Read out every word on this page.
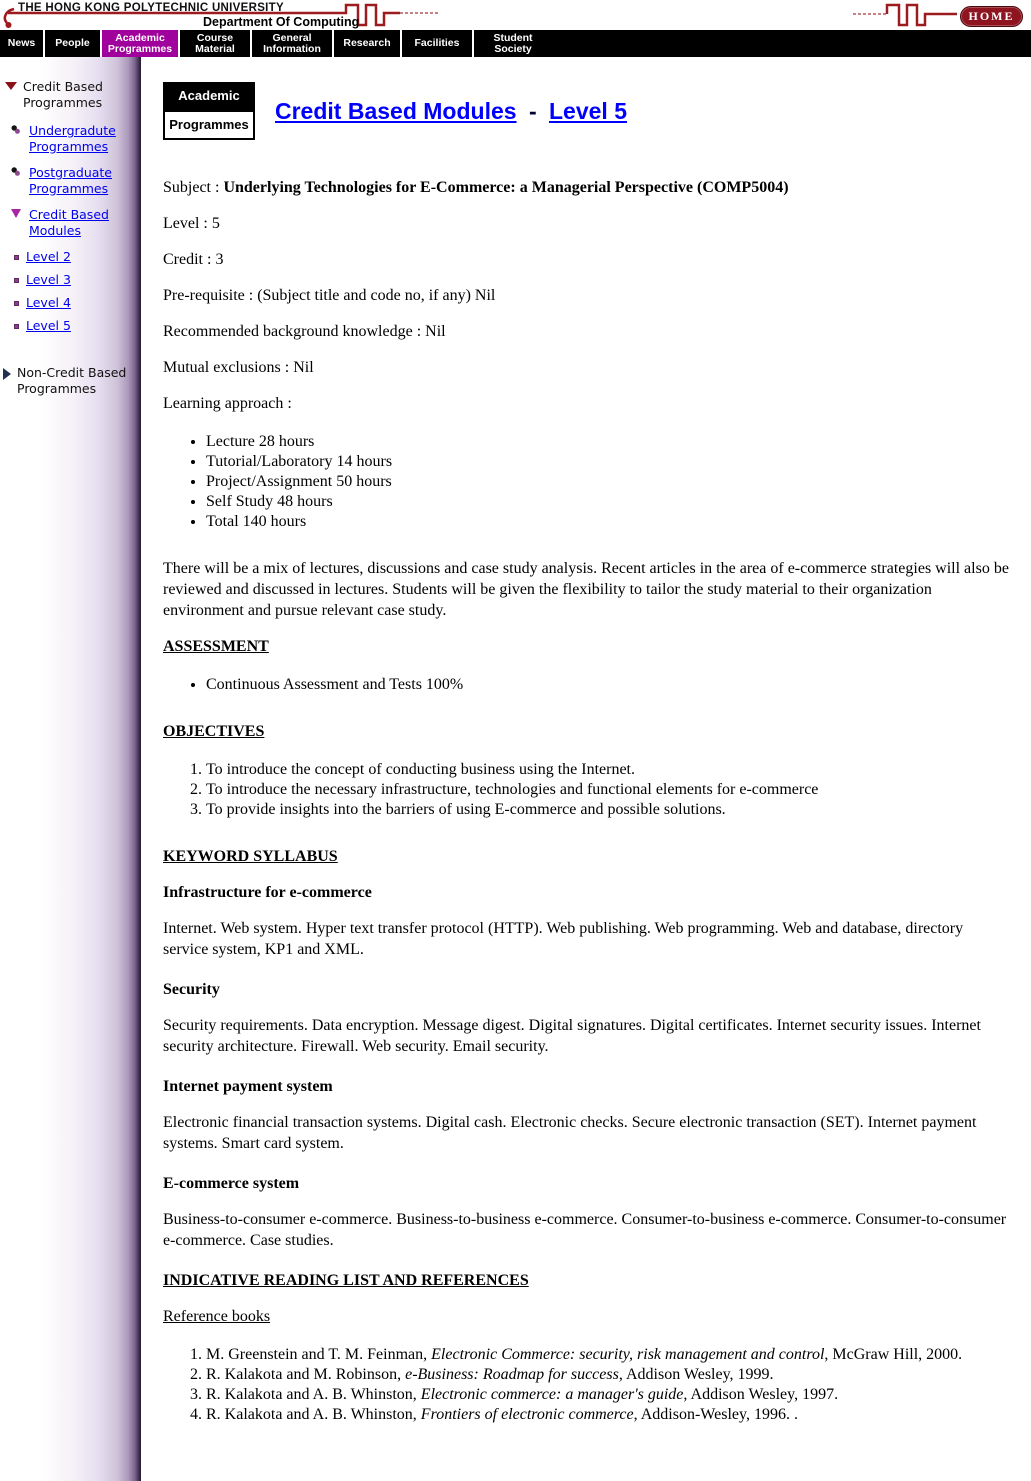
THE HONG KONG POLYTECHNIC UNIVERSITY
Department Of Computing	HOME
News	People	Academic Programmes
Course Material
General Information	Research	Facilities	Student Society
Credit Based Programmes
Undergradute Programmes
Postgraduate Programmes
Credit Based Modules
Level 2
Level 3
Level 4
Level 5
Non-Credit Based Programmes
Academic
Programmes
Credit Based Modules - Level 5

Subject : Underlying Technologies for E-Commerce: a Managerial Perspective (COMP5004)

Level : 5

Credit : 3

Pre-requisite : (Subject title and code no, if any) Nil

Recommended background knowledge : Nil

Mutual exclusions : Nil

Learning approach :

• Lecture 28 hours
• Tutorial/Laboratory 14 hours
• Project/Assignment 50 hours
• Self Study 48 hours
• Total 140 hours

There will be a mix of lectures, discussions and case study analysis. Recent articles in the area of e-commerce strategies will also be reviewed and discussed in lectures. Students will be given the flexibility to tailor the study material to their organization environment and pursue relevant case study.

ASSESSMENT

• Continuous Assessment and Tests 100%

OBJECTIVES

1. To introduce the concept of conducting business using the Internet.
2. To introduce the necessary infrastructure, technologies and functional elements for e-commerce
3. To provide insights into the barriers of using E-commerce and possible solutions.

KEYWORD SYLLABUS

Infrastructure for e-commerce

Internet. Web system. Hyper text transfer protocol (HTTP). Web publishing. Web programming. Web and database, directory service system, KP1 and XML.

Security

Security requirements. Data encryption. Message digest. Digital signatures. Digital certificates. Internet security issues. Internet security architecture. Firewall. Web security. Email security.

Internet payment system

Electronic financial transaction systems. Digital cash. Electronic checks. Secure electronic transaction (SET). Internet payment systems. Smart card system.

E-commerce system

Business-to-consumer e-commerce. Business-to-business e-commerce. Consumer-to-business e-commerce. Consumer-to-consumer e-commerce. Case studies.

INDICATIVE READING LIST AND REFERENCES

Reference books

1. M. Greenstein and T. M. Feinman, Electronic Commerce: security, risk management and control, McGraw Hill, 2000.
2. R. Kalakota and M. Robinson, e-Business: Roadmap for success, Addison Wesley, 1999.
3. R. Kalakota and A. B. Whinston, Electronic commerce: a manager's guide, Addison Wesley, 1997.
4. R. Kalakota and A. B. Whinston, Frontiers of electronic commerce, Addison-Wesley, 1996. .
